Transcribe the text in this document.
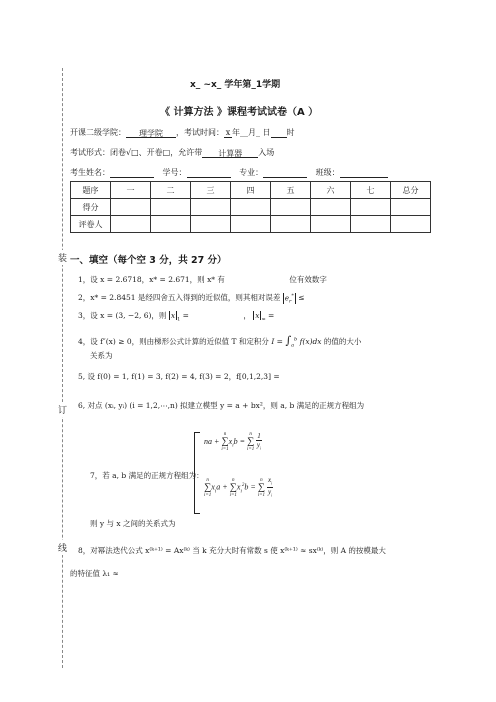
x_ ~x_ 学年第_1学期
《 计算方法 》课程考试试卷（A ）
开课二级学院： 理学院 ，考试时间： x 年__月_ 日 时
考试形式：闭卷√□、开卷□，允许带 计算器 入场
考生姓名：	学号：	专业：	班级：
题序	一	二	三	四	五	六	七	总分
得分								
评卷人								
装
订
线
一、填空（每个空 3 分，共 27 分）
1，设 x = 2.6718，x* = 2.671，则 x* 有	位有效数字
2，x* = 2.8451 是经四舍五入得到的近似值，则其相对误差 $e_r^*$ ≤
3，设 x = (3, −2, 6)，则 x $_1$ =	， x $_\infty$ =
4，设 f″(x) ≥ 0，则由梯形公式计算的近似值 T 和定积分 $I = \int_a^b$ f(x)dx 的值的大小
关系为
5, 设 f(0) = 1, f(1) = 3, f(2) = 4, f(3) = 2，f[0,1,2,3] =
6, 对点 (xᵢ, yᵢ) (i = 1,2,⋯,n) 拟建立模型 y = a + bx²，则 a, b 满足的正规方程组为
7，若 a, b 满足的正规方程组为：
na +
n
∑
i=1
$x_ib$ =
n
∑
i=1
$\frac{1}{y_i}$
n
∑
i=1
$x_ia$ +
n
∑
i=1
$x_i^2b$ =
n
∑
i=1
$\frac{x_i}{y_i}$
则 y 与 x 之间的关系式为
8，对幂法迭代公式 x⁽ᵏ⁺¹⁾ = Ax⁽ᵏ⁾ 当 k 充分大时有常数 s 使 x⁽ᵏ⁺¹⁾ ≈ sx⁽ᵏ⁾，则 A 的按模最大
的特征值 λ₁ ≈
